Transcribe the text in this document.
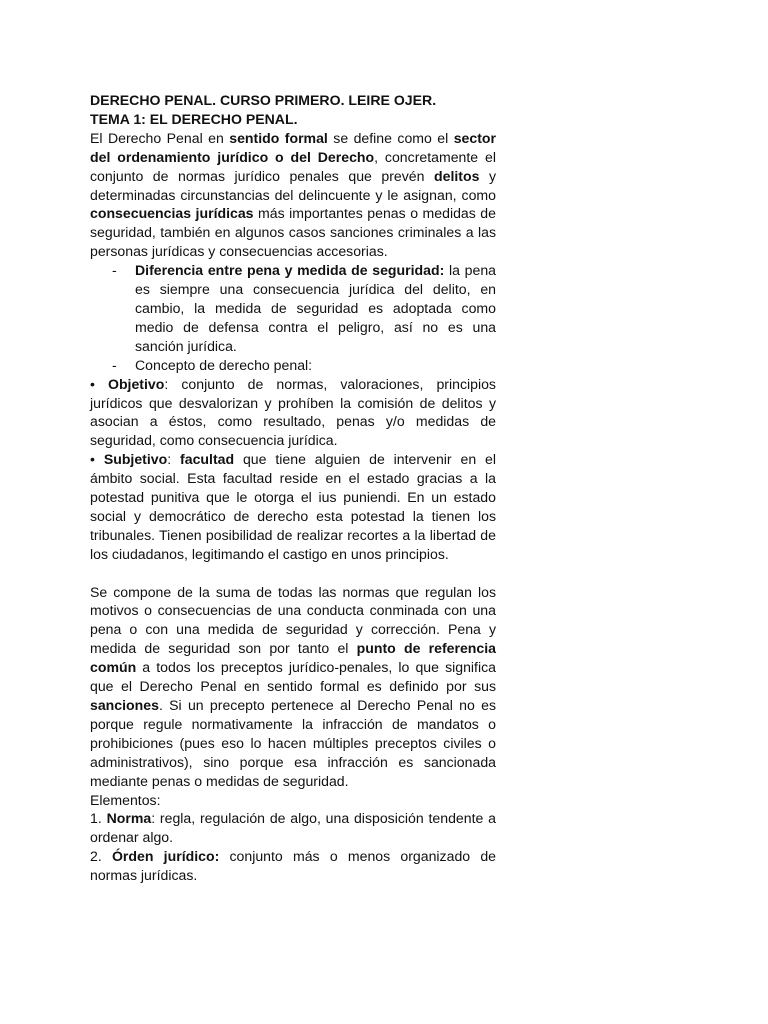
DERECHO PENAL. CURSO PRIMERO. LEIRE OJER.

TEMA 1: EL DERECHO PENAL.

El Derecho Penal en sentido formal se define como el sector del ordenamiento jurídico o del Derecho, concretamente el conjunto de normas jurídico penales que prevén delitos y determinadas circunstancias del delincuente y le asignan, como consecuencias jurídicas más importantes penas o medidas de seguridad, también en algunos casos sanciones criminales a las personas jurídicas y consecuencias accesorias.

- Diferencia entre pena y medida de seguridad: la pena es siempre una consecuencia jurídica del delito, en cambio, la medida de seguridad es adoptada como medio de defensa contra el peligro, así no es una sanción jurídica.
- Concepto de derecho penal:

• Objetivo: conjunto de normas, valoraciones, principios jurídicos que desvalorizan y prohíben la comisión de delitos y asocian a éstos, como resultado, penas y/o medidas de seguridad, como consecuencia jurídica.

• Subjetivo: facultad que tiene alguien de intervenir en el ámbito social. Esta facultad reside en el estado gracias a la potestad punitiva que le otorga el ius puniendi. En un estado social y democrático de derecho esta potestad la tienen los tribunales. Tienen posibilidad de realizar recortes a la libertad de los ciudadanos, legitimando el castigo en unos principios.

Se compone de la suma de todas las normas que regulan los motivos o consecuencias de una conducta conminada con una pena o con una medida de seguridad y corrección. Pena y medida de seguridad son por tanto el punto de referencia común a todos los preceptos jurídico-penales, lo que significa que el Derecho Penal en sentido formal es definido por sus sanciones. Si un precepto pertenece al Derecho Penal no es porque regule normativamente la infracción de mandatos o prohibiciones (pues eso lo hacen múltiples preceptos civiles o administrativos), sino porque esa infracción es sancionada mediante penas o medidas de seguridad.

Elementos:

1. Norma: regla, regulación de algo, una disposición tendente a ordenar algo.

2. Órden jurídico: conjunto más o menos organizado de normas jurídicas.
